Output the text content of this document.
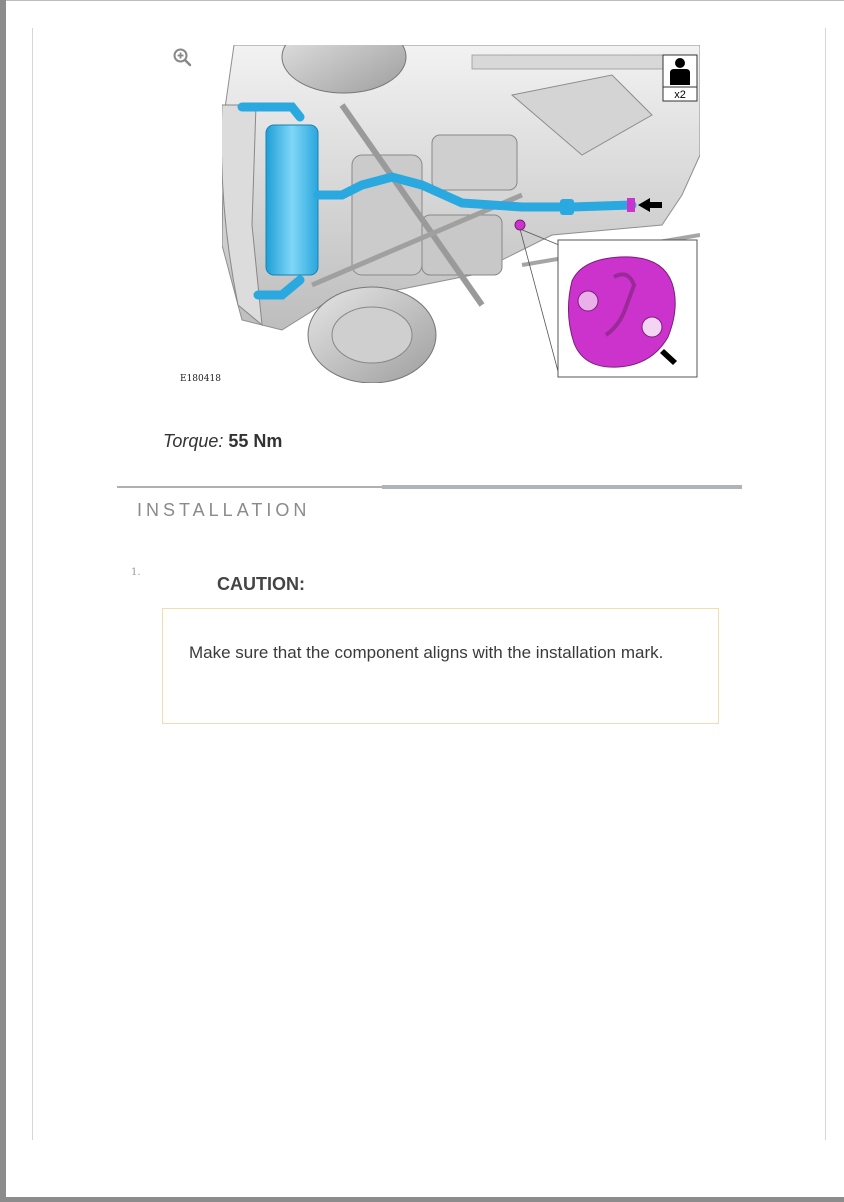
x2
E180418
Torque: 55 Nm
INSTALLATION
1.
CAUTION:
Make sure that the component aligns with the installation mark.
